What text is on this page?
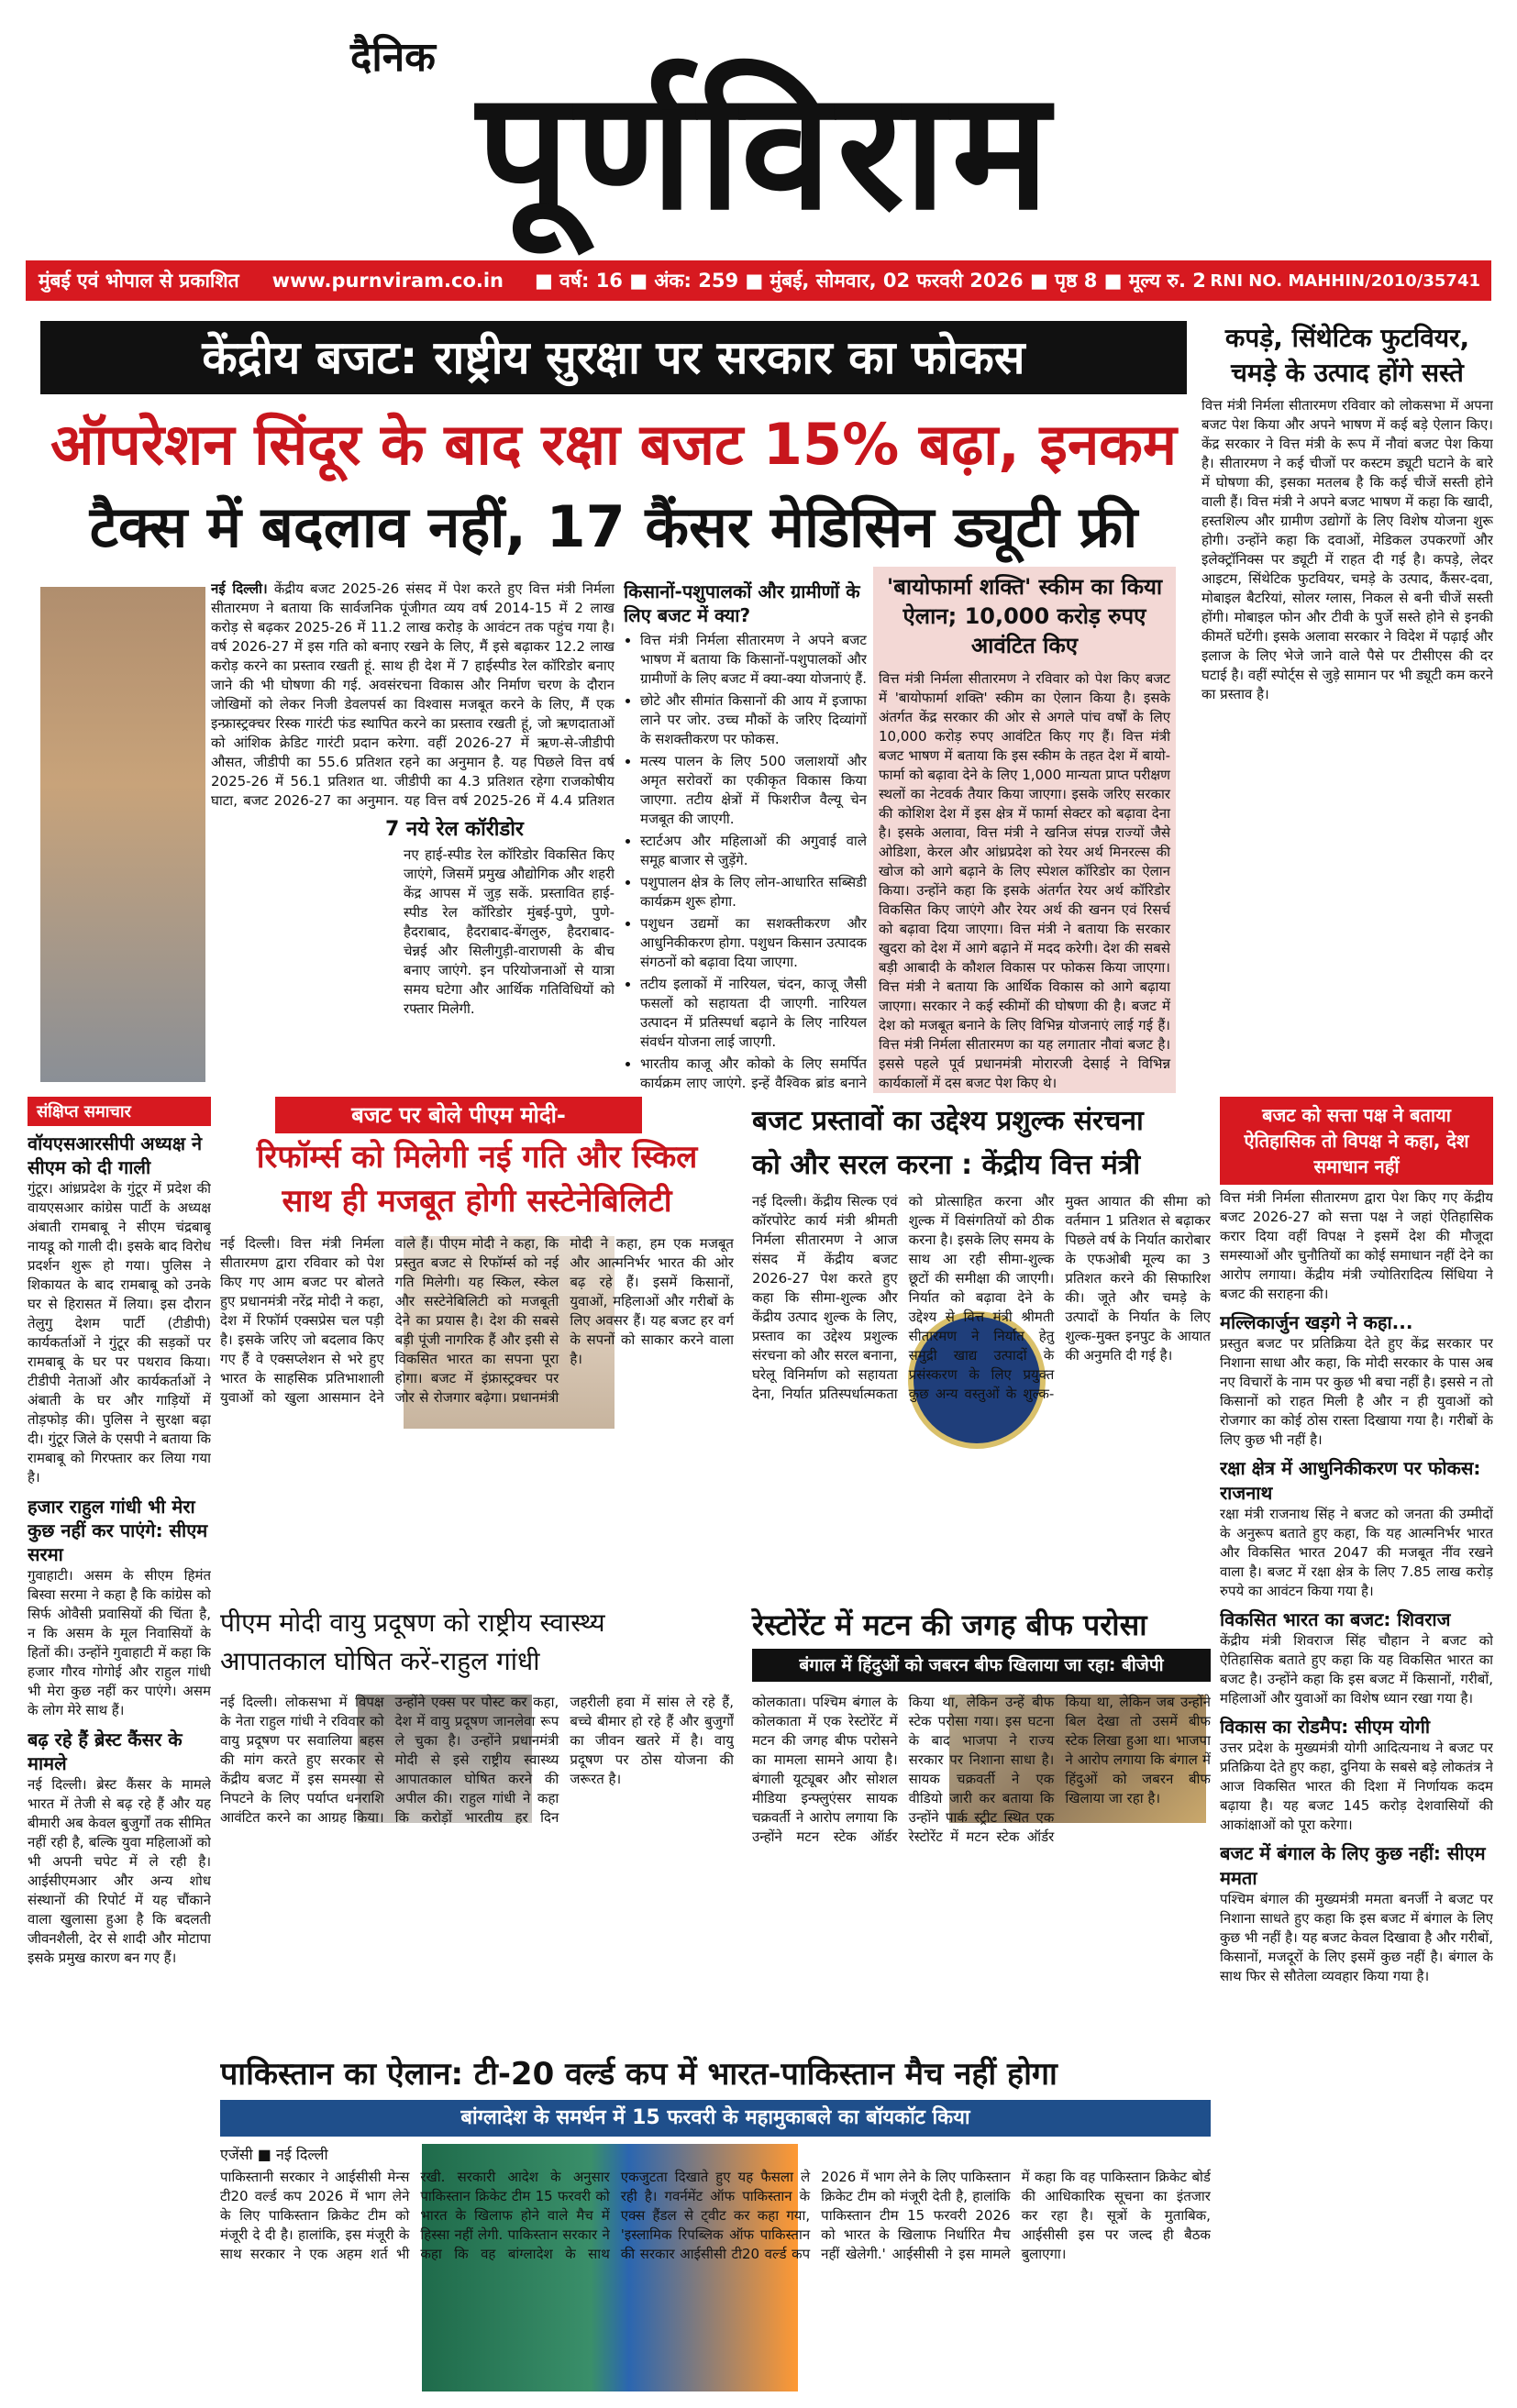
दैनिक पूर्णविराम
मुंबई एवं भोपाल से प्रकाशित www.purnviram.co.in ■ वर्ष: 16 ■ अंक: 259 ■ मुंबई, सोमवार, 02 फरवरी 2026 ■ पृष्ठ 8 ■ मूल्य रु. 2 RNI NO. MAHHIN/2010/35741
केंद्रीय बजट: राष्ट्रीय सुरक्षा पर सरकार का फोकस
ऑपरेशन सिंदूर के बाद रक्षा बजट 15% बढ़ा, इनकम
टैक्स में बदलाव नहीं, 17 कैंसर मेडिसिन ड्यूटी फ्री
नई दिल्ली। केंद्रीय बजट 2025-26 संसद में पेश करते हुए वित्त मंत्री निर्मला सीतारमण ने बताया कि सार्वजनिक पूंजीगत व्यय वर्ष 2014-15 में 2 लाख करोड़ से बढ़कर 2025-26 में 11.2 लाख करोड़ के आवंटन तक पहुंच गया है। वर्ष 2026-27 में इस गति को बनाए रखने के लिए, मैं इसे बढ़ाकर 12.2 लाख करोड़ करने का प्रस्ताव रखती हूं. साथ ही देश में 7 हाईस्पीड रेल कॉरिडोर बनाए जाने की भी घोषणा की गई. अवसंरचना विकास और निर्माण चरण के दौरान जोखिमों को लेकर निजी डेवलपर्स का विश्वास मजबूत करने के लिए, मैं एक इन्फ्रास्ट्रक्चर रिस्क गारंटी फंड स्थापित करने का प्रस्ताव रखती हूं, जो ऋणदाताओं को आंशिक क्रेडिट गारंटी प्रदान करेगा. वहीं 2026-27 में ऋण-से-जीडीपी औसत, जीडीपी का 55.6 प्रतिशत रहने का अनुमान है. यह पिछले वित्त वर्ष 2025-26 में 56.1 प्रतिशत था. जीडीपी का 4.3 प्रतिशत रहेगा राजकोषीय घाटा, बजट 2026-27 का अनुमान. यह वित्त वर्ष 2025-26 में 4.4 प्रतिशत
7 नये रेल कॉरीडोर
नए हाई-स्पीड रेल कॉरिडोर विकसित किए जाएंगे, जिसमें प्रमुख औद्योगिक और शहरी केंद्र आपस में जुड़ सकें. प्रस्तावित हाई-स्पीड रेल कॉरिडोर मुंबई-पुणे, पुणे-हैदराबाद, हैदराबाद-बेंगलुरु, हैदराबाद-चेन्नई और सिलीगुड़ी-वाराणसी के बीच बनाए जाएंगे. इन परियोजनाओं से यात्रा समय घटेगा और आर्थिक गतिविधियों को रफ्तार मिलेगी.
किसानों-पशुपालकों और ग्रामीणों के लिए बजट में क्या?
• वित्त मंत्री निर्मला सीतारमण ने अपने बजट भाषण में बताया कि किसानों-पशुपालकों और ग्रामीणों के लिए बजट में क्या-क्या योजनाएं हैं.
• छोटे और सीमांत किसानों की आय में इजाफा लाने पर जोर. उच्च मौकों के जरिए दिव्यांगों के सशक्तीकरण पर फोकस.
• मत्स्य पालन के लिए 500 जलाशयों और अमृत सरोवरों का एकीकृत विकास किया जाएगा. तटीय क्षेत्रों में फिशरीज वैल्यू चेन मजबूत की जाएगी.
• स्टार्टअप और महिलाओं की अगुवाई वाले समूह बाजार से जुड़ेंगे.
• पशुपालन क्षेत्र के लिए लोन-आधारित सब्सिडी कार्यक्रम शुरू होगा.
• पशुधन उद्यमों का सशक्तीकरण और आधुनिकीकरण होगा. पशुधन किसान उत्पादक संगठनों को बढ़ावा दिया जाएगा.
• तटीय इलाकों में नारियल, चंदन, काजू जैसी फसलों को सहायता दी जाएगी. नारियल उत्पादन में प्रतिस्पर्धा बढ़ाने के लिए नारियल संवर्धन योजना लाई जाएगी.
• भारतीय काजू और कोको के लिए समर्पित कार्यक्रम लाए जाएंगे. इन्हें वैश्विक ब्रांड बनाने
'बायोफार्मा शक्ति' स्कीम का किया ऐलान; 10,000 करोड़ रुपए आवंटित किए
वित्त मंत्री निर्मला सीतारमण ने रविवार को पेश किए बजट में 'बायोफार्मा शक्ति' स्कीम का ऐलान किया है। इसके अंतर्गत केंद्र सरकार की ओर से अगले पांच वर्षों के लिए 10,000 करोड़ रुपए आवंटित किए गए हैं। वित्त मंत्री बजट भाषण में बताया कि इस स्कीम के तहत देश में बायो-फार्मा को बढ़ावा देने के लिए 1,000 मान्यता प्राप्त परीक्षण स्थलों का नेटवर्क तैयार किया जाएगा। इसके जरिए सरकार की कोशिश देश में इस क्षेत्र में फार्मा सेक्टर को बढ़ावा देना है। इसके अलावा, वित्त मंत्री ने खनिज संपन्न राज्यों जैसे ओडिशा, केरल और आंध्रप्रदेश को रेयर अर्थ मिनरल्स की खोज को आगे बढ़ाने के लिए स्पेशल कॉरिडोर का ऐलान किया। उन्होंने कहा कि इसके अंतर्गत रेयर अर्थ कॉरिडोर विकसित किए जाएंगे और रेयर अर्थ की खनन एवं रिसर्च को बढ़ावा दिया जाएगा। वित्त मंत्री ने बताया कि सरकार खुदरा को देश में आगे बढ़ाने में मदद करेगी। देश की सबसे बड़ी आबादी के कौशल विकास पर फोकस किया जाएगा। वित्त मंत्री ने बताया कि आर्थिक विकास को आगे बढ़ाया जाएगा। सरकार ने कई स्कीमों की घोषणा की है। बजट में देश को मजबूत बनाने के लिए विभिन्न योजनाएं लाई गई हैं। वित्त मंत्री निर्मला सीतारमण का यह लगातार नौवां बजट है। इससे पहले पूर्व प्रधानमंत्री मोरारजी देसाई ने विभिन्न कार्यकालों में दस बजट पेश किए थे।
कपड़े, सिंथेटिक फुटवियर, चमड़े के उत्पाद होंगे सस्ते
वित्त मंत्री निर्मला सीतारमण रविवार को लोकसभा में अपना बजट पेश किया और अपने भाषण में कई बड़े ऐलान किए। केंद्र सरकार ने वित्त मंत्री के रूप में नौवां बजट पेश किया है। सीतारमण ने कई चीजों पर कस्टम ड्यूटी घटाने के बारे में घोषणा की, इसका मतलब है कि कई चीजें सस्ती होने वाली हैं। वित्त मंत्री ने अपने बजट भाषण में कहा कि खादी, हस्तशिल्प और ग्रामीण उद्योगों के लिए विशेष योजना शुरू होगी। उन्होंने कहा कि दवाओं, मेडिकल उपकरणों और इलेक्ट्रॉनिक्स पर ड्यूटी में राहत दी गई है। कपड़े, लेदर आइटम, सिंथेटिक फुटवियर, चमड़े के उत्पाद, कैंसर-दवा, मोबाइल बैटरियां, सोलर ग्लास, निकल से बनी चीजें सस्ती होंगी। मोबाइल फोन और टीवी के पुर्जे सस्ते होने से इनकी कीमतें घटेंगी। इसके अलावा सरकार ने विदेश में पढ़ाई और इलाज के लिए भेजे जाने वाले पैसे पर टीसीएस की दर घटाई है। वहीं स्पोर्ट्स से जुड़े सामान पर भी ड्यूटी कम करने का प्रस्ताव है।
संक्षिप्त समाचार
वॉयएसआरसीपी अध्यक्ष ने सीएम को दी गाली
गुंटूर। आंध्रप्रदेश के गुंटूर में प्रदेश की वायएसआर कांग्रेस पार्टी के अध्यक्ष अंबाती रामबाबू ने सीएम चंद्रबाबू नायडू को गाली दी। इसके बाद विरोध प्रदर्शन शुरू हो गया। पुलिस ने शिकायत के बाद रामबाबू को उनके घर से हिरासत में लिया। इस दौरान तेलुगु देशम पार्टी (टीडीपी) कार्यकर्ताओं ने गुंटूर की सड़कों पर रामबाबू के घर पर पथराव किया। टीडीपी नेताओं और कार्यकर्ताओं ने अंबाती के घर और गाड़ियों में तोड़फोड़ की। पुलिस ने सुरक्षा बढ़ा दी। गुंटूर जिले के एसपी ने बताया कि रामबाबू को गिरफ्तार कर लिया गया है।
हजार राहुल गांधी भी मेरा कुछ नहीं कर पाएंगे: सीएम सरमा
गुवाहाटी। असम के सीएम हिमंत बिस्वा सरमा ने कहा है कि कांग्रेस को सिर्फ ओवैसी प्रवासियों की चिंता है, न कि असम के मूल निवासियों के हितों की। उन्होंने गुवाहाटी में कहा कि हजार गौरव गोगोई और राहुल गांधी भी मेरा कुछ नहीं कर पाएंगे। असम के लोग मेरे साथ हैं।
बढ़ रहे हैं ब्रेस्ट कैंसर के मामले
नई दिल्ली। ब्रेस्ट कैंसर के मामले भारत में तेजी से बढ़ रहे हैं और यह बीमारी अब केवल बुजुर्गों तक सीमित नहीं रही है, बल्कि युवा महिलाओं को भी अपनी चपेट में ले रही है। आईसीएमआर और अन्य शोध संस्थानों की रिपोर्ट में यह चौंकाने वाला खुलासा हुआ है कि बदलती जीवनशैली, देर से शादी और मोटापा इसके प्रमुख कारण बन गए हैं।
बजट पर बोले पीएम मोदी-
रिफॉर्म्स को मिलेगी नई गति और स्किल
साथ ही मजबूत होगी सस्टेनेबिलिटी
नई दिल्ली। वित्त मंत्री निर्मला सीतारमण द्वारा रविवार को पेश किए गए आम बजट पर बोलते हुए प्रधानमंत्री नरेंद्र मोदी ने कहा, देश में रिफॉर्म एक्सप्रेस चल पड़ी है। इसके जरिए जो बदलाव किए गए हैं वे एक्सप्लेशन से भरे हुए भारत के साहसिक प्रतिभाशाली युवाओं को खुला आसमान देने वाले हैं। पीएम मोदी ने कहा, कि प्रस्तुत बजट से रिफॉर्म्स को नई गति मिलेगी। यह स्किल, स्केल और सस्टेनेबिलिटी को मजबूती देने का प्रयास है। देश की सबसे बड़ी पूंजी नागरिक हैं और इसी से विकसित भारत का सपना पूरा होगा। बजट में इंफ्रास्ट्रक्चर पर जोर से रोजगार बढ़ेगा। प्रधानमंत्री मोदी ने कहा, हम एक मजबूत और आत्मनिर्भर भारत की ओर बढ़ रहे हैं। इसमें किसानों, युवाओं, महिलाओं और गरीबों के लिए अवसर हैं। यह बजट हर वर्ग के सपनों को साकार करने वाला है।
बजट प्रस्तावों का उद्देश्य प्रशुल्क संरचना
को और सरल करना : केंद्रीय वित्त मंत्री
नई दिल्ली। केंद्रीय सिल्क एवं कॉरपोरेट कार्य मंत्री श्रीमती निर्मला सीतारमण ने आज संसद में केंद्रीय बजट 2026-27 पेश करते हुए कहा कि सीमा-शुल्क और केंद्रीय उत्पाद शुल्क के लिए, प्रस्ताव का उद्देश्य प्रशुल्क संरचना को और सरल बनाना, घरेलू विनिर्माण को सहायता देना, निर्यात प्रतिस्पर्धात्मकता को प्रोत्साहित करना और शुल्क में विसंगतियों को ठीक करना है। इसके लिए समय के साथ आ रही सीमा-शुल्क छूटों की समीक्षा की जाएगी। निर्यात को बढ़ावा देने के उद्देश्य से वित्त मंत्री श्रीमती सीतारमण ने निर्यात हेतु समुद्री खाद्य उत्पादों के प्रसंस्करण के लिए प्रयुक्त कुछ अन्य वस्तुओं के शुल्क-मुक्त आयात की सीमा को वर्तमान 1 प्रतिशत से बढ़ाकर पिछले वर्ष के निर्यात कारोबार के एफओबी मूल्य का 3 प्रतिशत करने की सिफारिश की। जूते और चमड़े के उत्पादों के निर्यात के लिए शुल्क-मुक्त इनपुट के आयात की अनुमति दी गई है।
बजट को सत्ता पक्ष ने बताया ऐतिहासिक तो विपक्ष ने कहा, देश समाधान नहीं
वित्त मंत्री निर्मला सीतारमण द्वारा पेश किए गए केंद्रीय बजट 2026-27 को सत्ता पक्ष ने जहां ऐतिहासिक करार दिया वहीं विपक्ष ने इसमें देश की मौजूदा समस्याओं और चुनौतियों का कोई समाधान नहीं देने का आरोप लगाया। केंद्रीय मंत्री ज्योतिरादित्य सिंधिया ने बजट की सराहना की।
मल्लिकार्जुन खड़गे ने कहा...
प्रस्तुत बजट पर प्रतिक्रिया देते हुए केंद्र सरकार पर निशाना साधा और कहा, कि मोदी सरकार के पास अब नए विचारों के नाम पर कुछ भी बचा नहीं है। इससे न तो किसानों को राहत मिली है और न ही युवाओं को रोजगार का कोई ठोस रास्ता दिखाया गया है। गरीबों के लिए कुछ भी नहीं है।
रक्षा क्षेत्र में आधुनिकीकरण पर फोकस: राजनाथ
रक्षा मंत्री राजनाथ सिंह ने बजट को जनता की उम्मीदों के अनुरूप बताते हुए कहा, कि यह आत्मनिर्भर भारत और विकसित भारत 2047 की मजबूत नींव रखने वाला है। बजट में रक्षा क्षेत्र के लिए 7.85 लाख करोड़ रुपये का आवंटन किया गया है।
विकसित भारत का बजट: शिवराज
केंद्रीय मंत्री शिवराज सिंह चौहान ने बजट को ऐतिहासिक बताते हुए कहा कि यह विकसित भारत का बजट है। उन्होंने कहा कि इस बजट में किसानों, गरीबों, महिलाओं और युवाओं का विशेष ध्यान रखा गया है।
विकास का रोडमैप: सीएम योगी
उत्तर प्रदेश के मुख्यमंत्री योगी आदित्यनाथ ने बजट पर प्रतिक्रिया देते हुए कहा, दुनिया के सबसे बड़े लोकतंत्र ने आज विकसित भारत की दिशा में निर्णायक कदम बढ़ाया है। यह बजट 145 करोड़ देशवासियों की आकांक्षाओं को पूरा करेगा।
बजट में बंगाल के लिए कुछ नहीं: सीएम ममता
पश्चिम बंगाल की मुख्यमंत्री ममता बनर्जी ने बजट पर निशाना साधते हुए कहा कि इस बजट में बंगाल के लिए कुछ भी नहीं है। यह बजट केवल दिखावा है और गरीबों, किसानों, मजदूरों के लिए इसमें कुछ नहीं है। बंगाल के साथ फिर से सौतेला व्यवहार किया गया है।
पीएम मोदी वायु प्रदूषण को राष्ट्रीय स्वास्थ्य
आपातकाल घोषित करें-राहुल गांधी
नई दिल्ली। लोकसभा में विपक्ष के नेता राहुल गांधी ने रविवार को वायु प्रदूषण पर सवालिया बहस की मांग करते हुए सरकार से केंद्रीय बजट में इस समस्या से निपटने के लिए पर्याप्त धनराशि आवंटित करने का आग्रह किया। उन्होंने एक्स पर पोस्ट कर कहा, देश में वायु प्रदूषण जानलेवा रूप ले चुका है। उन्होंने प्रधानमंत्री मोदी से इसे राष्ट्रीय स्वास्थ्य आपातकाल घोषित करने की अपील की। राहुल गांधी ने कहा कि करोड़ों भारतीय हर दिन जहरीली हवा में सांस ले रहे हैं, बच्चे बीमार हो रहे हैं और बुजुर्गों का जीवन खतरे में है। वायु प्रदूषण पर ठोस योजना की जरूरत है।
रेस्टोरेंट में मटन की जगह बीफ परोसा
बंगाल में हिंदुओं को जबरन बीफ खिलाया जा रहा: बीजेपी
कोलकाता। पश्चिम बंगाल के कोलकाता में एक रेस्टोरेंट में मटन की जगह बीफ परोसने का मामला सामने आया है। बंगाली यूट्यूबर और सोशल मीडिया इन्फ्लुएंसर सायक चक्रवर्ती ने आरोप लगाया कि उन्होंने मटन स्टेक ऑर्डर किया था, लेकिन उन्हें बीफ स्टेक परोसा गया। इस घटना के बाद भाजपा ने राज्य सरकार पर निशाना साधा है। सायक चक्रवर्ती ने एक वीडियो जारी कर बताया कि उन्होंने पार्क स्ट्रीट स्थित एक रेस्टोरेंट में मटन स्टेक ऑर्डर किया था, लेकिन जब उन्होंने बिल देखा तो उसमें बीफ स्टेक लिखा हुआ था। भाजपा ने आरोप लगाया कि बंगाल में हिंदुओं को जबरन बीफ खिलाया जा रहा है।
पाकिस्तान का ऐलान: टी-20 वर्ल्ड कप में भारत-पाकिस्तान मैच नहीं होगा
बांग्लादेश के समर्थन में 15 फरवरी के महामुकाबले का बॉयकॉट किया
एजेंसी ■ नई दिल्ली
पाकिस्तानी सरकार ने आईसीसी मेन्स टी20 वर्ल्ड कप 2026 में भाग लेने के लिए पाकिस्तान क्रिकेट टीम को मंजूरी दे दी है। हालांकि, इस मंजूरी के साथ सरकार ने एक अहम शर्त भी रखी. सरकारी आदेश के अनुसार पाकिस्तान क्रिकेट टीम 15 फरवरी को भारत के खिलाफ होने वाले मैच में हिस्सा नहीं लेगी. पाकिस्तान सरकार ने कहा कि वह बांग्लादेश के साथ एकजुटता दिखाते हुए यह फैसला ले रही है। गवर्नमेंट ऑफ पाकिस्तान के एक्स हैंडल से ट्वीट कर कहा गया, 'इस्लामिक रिपब्लिक ऑफ पाकिस्तान की सरकार आईसीसी टी20 वर्ल्ड कप 2026 में भाग लेने के लिए पाकिस्तान क्रिकेट टीम को मंजूरी देती है, हालांकि पाकिस्तान टीम 15 फरवरी 2026 को भारत के खिलाफ निर्धारित मैच नहीं खेलेगी.' आईसीसी ने इस मामले में कहा कि वह पाकिस्तान क्रिकेट बोर्ड की आधिकारिक सूचना का इंतजार कर रहा है। सूत्रों के मुताबिक, आईसीसी इस पर जल्द ही बैठक बुलाएगा।
